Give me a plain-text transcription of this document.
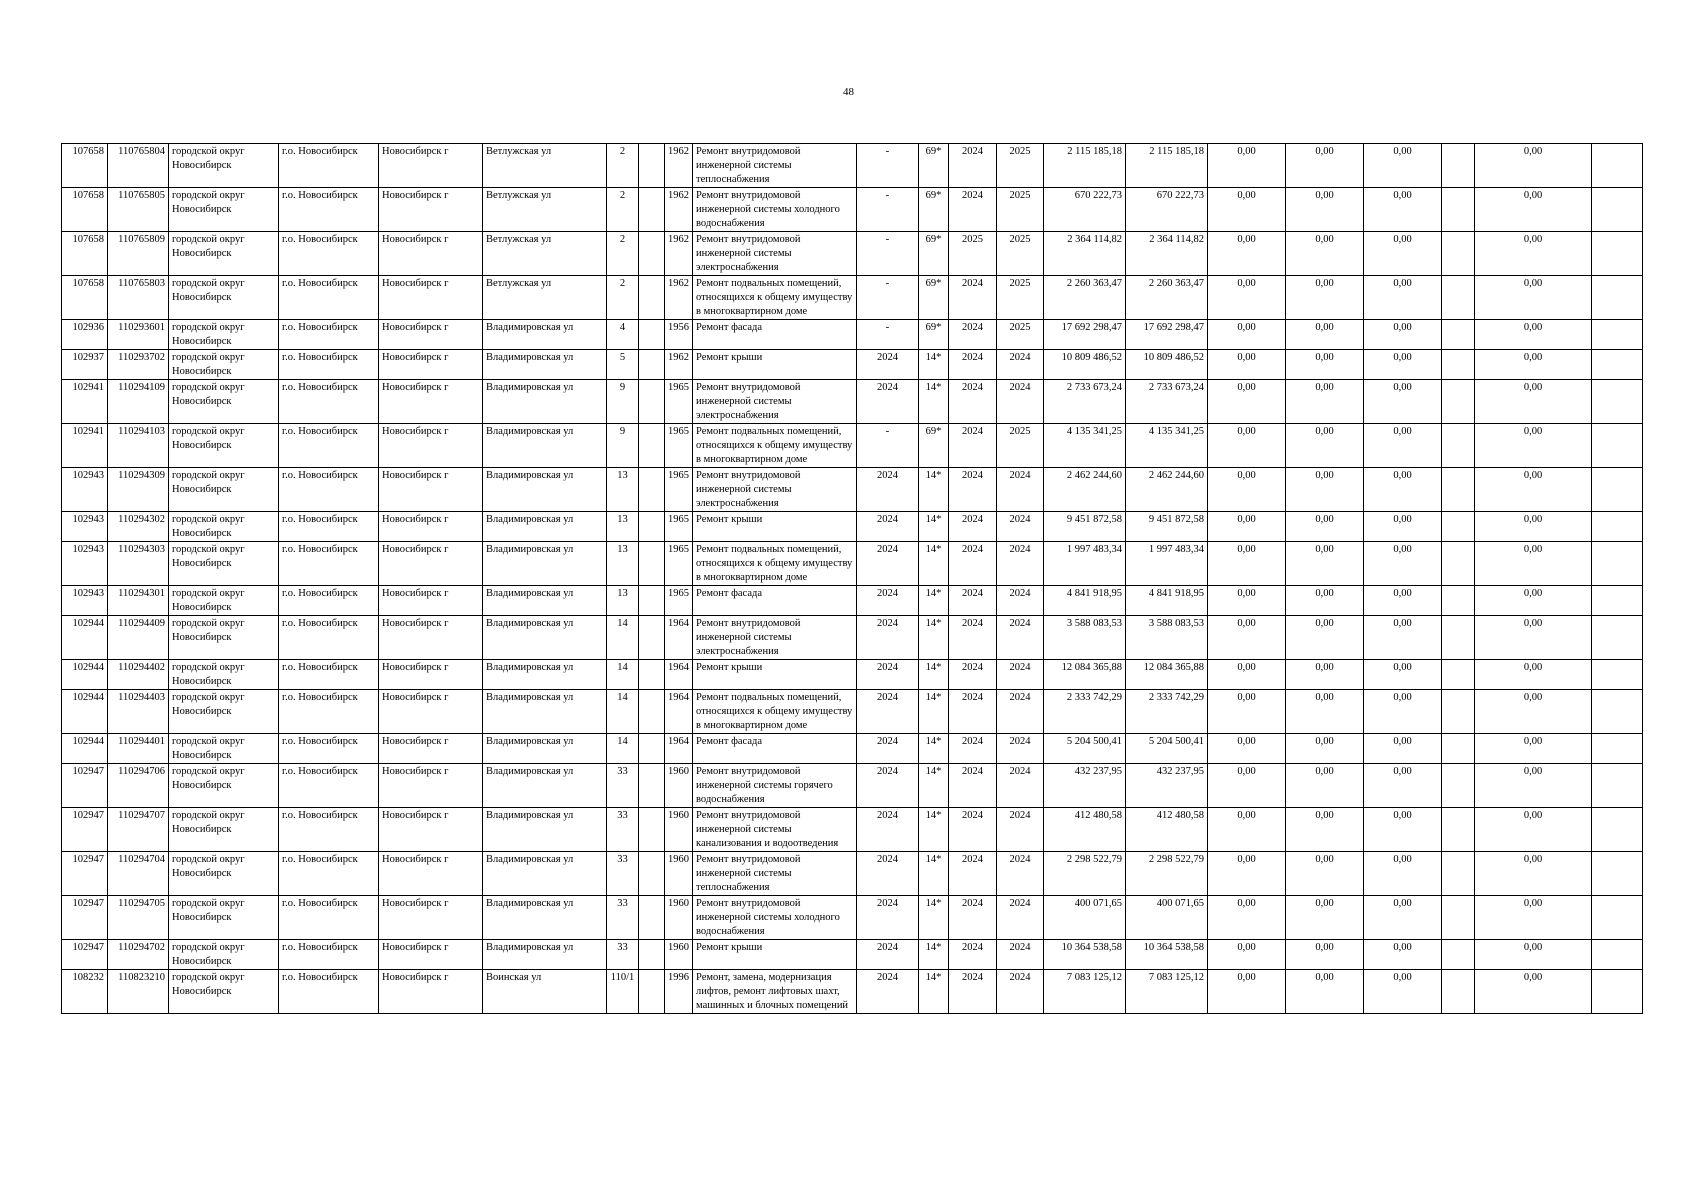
48
107658	110765804	городской округ Новосибирск	г.о. Новосибирск	Новосибирск г	Ветлужская ул	2		1962	Ремонт внутридомовой инженерной системы теплоснабжения	-	69*	2024	2025	2 115 185,18	2 115 185,18	0,00	0,00	0,00		0,00	
107658	110765805	городской округ Новосибирск	г.о. Новосибирск	Новосибирск г	Ветлужская ул	2		1962	Ремонт внутридомовой инженерной системы холодного водоснабжения	-	69*	2024	2025	670 222,73	670 222,73	0,00	0,00	0,00		0,00	
107658	110765809	городской округ Новосибирск	г.о. Новосибирск	Новосибирск г	Ветлужская ул	2		1962	Ремонт внутридомовой инженерной системы электроснабжения	-	69*	2025	2025	2 364 114,82	2 364 114,82	0,00	0,00	0,00		0,00	
107658	110765803	городской округ Новосибирск	г.о. Новосибирск	Новосибирск г	Ветлужская ул	2		1962	Ремонт подвальных помещений, относящихся к общему имуществу в многоквартирном доме	-	69*	2024	2025	2 260 363,47	2 260 363,47	0,00	0,00	0,00		0,00	
102936	110293601	городской округ Новосибирск	г.о. Новосибирск	Новосибирск г	Владимировская ул	4		1956	Ремонт фасада	-	69*	2024	2025	17 692 298,47	17 692 298,47	0,00	0,00	0,00		0,00	
102937	110293702	городской округ Новосибирск	г.о. Новосибирск	Новосибирск г	Владимировская ул	5		1962	Ремонт крыши	2024	14*	2024	2024	10 809 486,52	10 809 486,52	0,00	0,00	0,00		0,00	
102941	110294109	городской округ Новосибирск	г.о. Новосибирск	Новосибирск г	Владимировская ул	9		1965	Ремонт внутридомовой инженерной системы электроснабжения	2024	14*	2024	2024	2 733 673,24	2 733 673,24	0,00	0,00	0,00		0,00	
102941	110294103	городской округ Новосибирск	г.о. Новосибирск	Новосибирск г	Владимировская ул	9		1965	Ремонт подвальных помещений, относящихся к общему имуществу в многоквартирном доме	-	69*	2024	2025	4 135 341,25	4 135 341,25	0,00	0,00	0,00		0,00	
102943	110294309	городской округ Новосибирск	г.о. Новосибирск	Новосибирск г	Владимировская ул	13		1965	Ремонт внутридомовой инженерной системы электроснабжения	2024	14*	2024	2024	2 462 244,60	2 462 244,60	0,00	0,00	0,00		0,00	
102943	110294302	городской округ Новосибирск	г.о. Новосибирск	Новосибирск г	Владимировская ул	13		1965	Ремонт крыши	2024	14*	2024	2024	9 451 872,58	9 451 872,58	0,00	0,00	0,00		0,00	
102943	110294303	городской округ Новосибирск	г.о. Новосибирск	Новосибирск г	Владимировская ул	13		1965	Ремонт подвальных помещений, относящихся к общему имуществу в многоквартирном доме	2024	14*	2024	2024	1 997 483,34	1 997 483,34	0,00	0,00	0,00		0,00	
102943	110294301	городской округ Новосибирск	г.о. Новосибирск	Новосибирск г	Владимировская ул	13		1965	Ремонт фасада	2024	14*	2024	2024	4 841 918,95	4 841 918,95	0,00	0,00	0,00		0,00	
102944	110294409	городской округ Новосибирск	г.о. Новосибирск	Новосибирск г	Владимировская ул	14		1964	Ремонт внутридомовой инженерной системы электроснабжения	2024	14*	2024	2024	3 588 083,53	3 588 083,53	0,00	0,00	0,00		0,00	
102944	110294402	городской округ Новосибирск	г.о. Новосибирск	Новосибирск г	Владимировская ул	14		1964	Ремонт крыши	2024	14*	2024	2024	12 084 365,88	12 084 365,88	0,00	0,00	0,00		0,00	
102944	110294403	городской округ Новосибирск	г.о. Новосибирск	Новосибирск г	Владимировская ул	14		1964	Ремонт подвальных помещений, относящихся к общему имуществу в многоквартирном доме	2024	14*	2024	2024	2 333 742,29	2 333 742,29	0,00	0,00	0,00		0,00	
102944	110294401	городской округ Новосибирск	г.о. Новосибирск	Новосибирск г	Владимировская ул	14		1964	Ремонт фасада	2024	14*	2024	2024	5 204 500,41	5 204 500,41	0,00	0,00	0,00		0,00	
102947	110294706	городской округ Новосибирск	г.о. Новосибирск	Новосибирск г	Владимировская ул	33		1960	Ремонт внутридомовой инженерной системы горячего водоснабжения	2024	14*	2024	2024	432 237,95	432 237,95	0,00	0,00	0,00		0,00	
102947	110294707	городской округ Новосибирск	г.о. Новосибирск	Новосибирск г	Владимировская ул	33		1960	Ремонт внутридомовой инженерной системы канализования и водоотведения	2024	14*	2024	2024	412 480,58	412 480,58	0,00	0,00	0,00		0,00	
102947	110294704	городской округ Новосибирск	г.о. Новосибирск	Новосибирск г	Владимировская ул	33		1960	Ремонт внутридомовой инженерной системы теплоснабжения	2024	14*	2024	2024	2 298 522,79	2 298 522,79	0,00	0,00	0,00		0,00	
102947	110294705	городской округ Новосибирск	г.о. Новосибирск	Новосибирск г	Владимировская ул	33		1960	Ремонт внутридомовой инженерной системы холодного водоснабжения	2024	14*	2024	2024	400 071,65	400 071,65	0,00	0,00	0,00		0,00	
102947	110294702	городской округ Новосибирск	г.о. Новосибирск	Новосибирск г	Владимировская ул	33		1960	Ремонт крыши	2024	14*	2024	2024	10 364 538,58	10 364 538,58	0,00	0,00	0,00		0,00	
108232	110823210	городской округ Новосибирск	г.о. Новосибирск	Новосибирск г	Воинская ул	110/1		1996	Ремонт, замена, модернизация лифтов, ремонт лифтовых шахт, машинных и блочных помещений	2024	14*	2024	2024	7 083 125,12	7 083 125,12	0,00	0,00	0,00		0,00	
